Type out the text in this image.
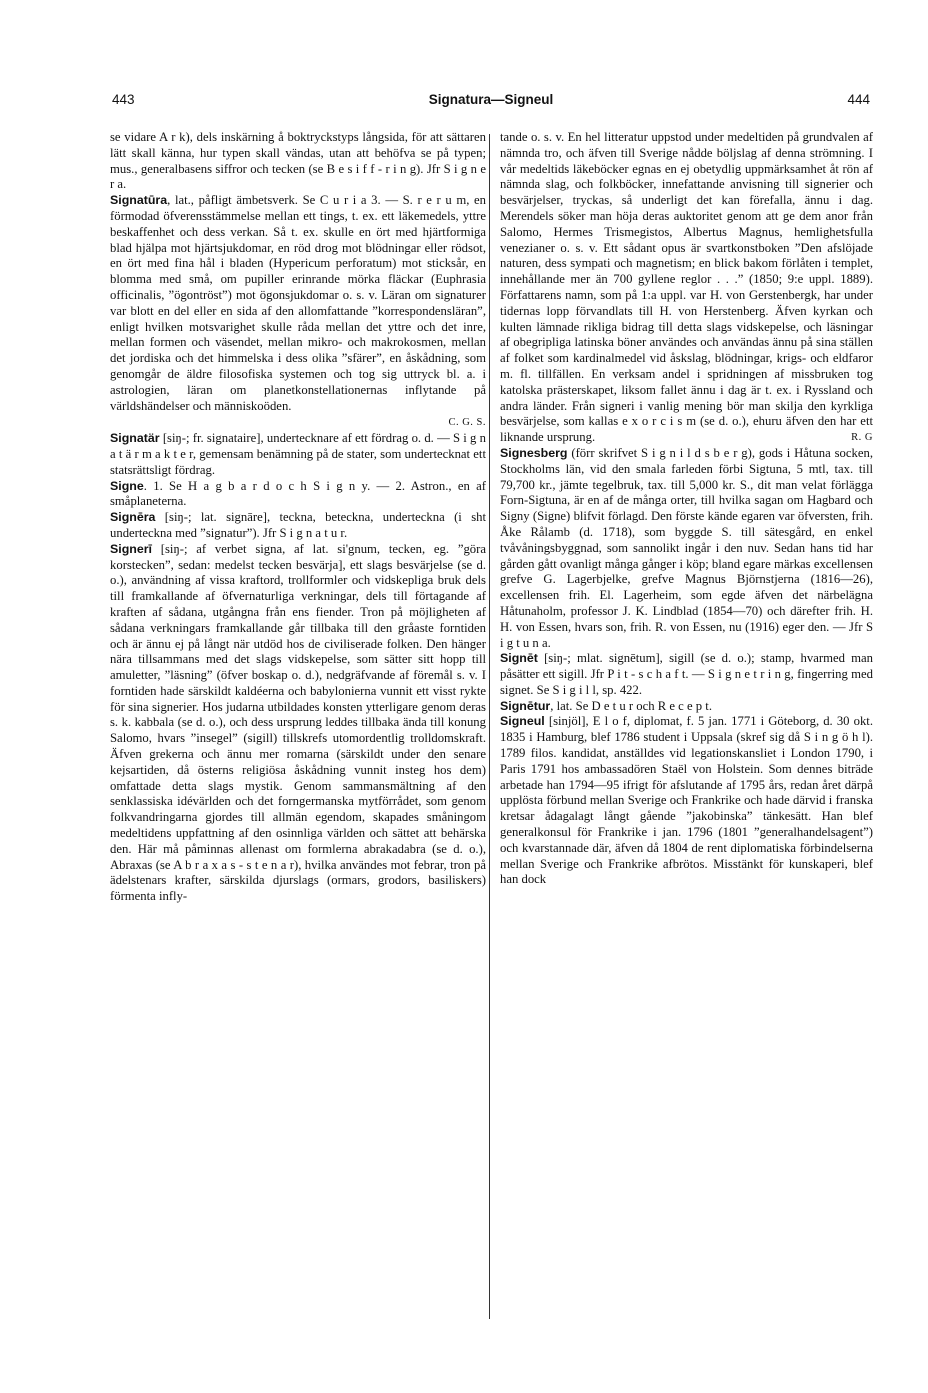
443	Signatura—Signeul	444

se vidare A r k), dels inskärning å boktryckstyps långsida, för att sättaren lätt skall känna, hur typen skall vändas, utan att behöfva se på typen; mus., generalbasens siffror och tecken (se B e s i f f - r i n g). Jfr S i g n e r a.

Signatūra, lat., påfligt ämbetsverk. Se C u r i a 3. — S. r e r u m, en förmodad öfverensstämmelse mellan ett tings, t. ex. ett läkemedels, yttre beskaffenhet och dess verkan. Så t. ex. skulle en ört med hjärtformiga blad hjälpa mot hjärtsjukdomar, en röd drog mot blödningar eller rödsot, en ört med fina hål i bladen (Hypericum perforatum) mot sticksår, en blomma med små, om pupiller erinrande mörka fläckar (Euphrasia officinalis, ”ögontröst”) mot ögonsjukdomar o. s. v. Läran om signaturer var blott en del eller en sida af den allomfattande ”korrespondensläran”, enligt hvilken motsvarighet skulle råda mellan det yttre och det inre, mellan formen och väsendet, mellan mikro- och makrokosmen, mellan det jordiska och det himmelska i dess olika ”sfärer”, en åskådning, som genomgår de äldre filosofiska systemen och tog sig uttryck bl. a. i astrologien, läran om planetkonstellationernas inflytande på världshändelser och människoöden.

C. G. S.

Signatär [siŋ-; fr. signataire], undertecknare af ett fördrag o. d. — S i g n a t ä r m a k t e r, gemensam benämning på de stater, som undertecknat ett statsrättsligt fördrag.

Signe. 1. Se H a g b a r d o c h S i g n y. — 2. Astron., en af småplaneterna.

Signēra [siŋ-; lat. signāre], teckna, beteckna, underteckna (i sht underteckna med ”signatur”). Jfr S i g n a t u r.

Signerī [siŋ-; af verbet signa, af lat. si'gnum, tecken, eg. ”göra korstecken”, sedan: medelst tecken besvärja], ett slags besvärjelse (se d. o.), användning af vissa kraftord, trollformler och vidskepliga bruk dels till framkallande af öfvernaturliga verkningar, dels till förtagande af kraften af sådana, utgångna från ens fiender. Tron på möjligheten af sådana verkningars framkallande går tillbaka till den gråaste forntiden och är ännu ej på långt när utdöd hos de civiliserade folken. Den hänger nära tillsammans med det slags vidskepelse, som sätter sitt hopp till amuletter, ”läsning” (öfver boskap o. d.), nedgräfvande af föremål s. v. I forntiden hade särskildt kaldéerna och babylonierna vunnit ett visst rykte för sina signerier. Hos judarna utbildades konsten ytterligare genom deras s. k. kabbala (se d. o.), och dess ursprung leddes tillbaka ända till konung Salomo, hvars ”insegel” (sigill) tillskrefs utomordentlig trolldomskraft. Äfven grekerna och ännu mer romarna (särskildt under den senare kejsartiden, då österns religiösa åskådning vunnit insteg hos dem) omfattade detta slags mystik. Genom sammansmältning af den senklassiska idévärlden och det forngermanska mytförrådet, som genom folkvandringarna gjordes till allmän egendom, skapades småningom medeltidens uppfattning af den osinnliga världen och sättet att behärska den. Här må påminnas allenast om formlerna abrakadabra (se d. o.), Abraxas (se A b r a x a s - s t e n a r), hvilka användes mot febrar, tron på ädelstenars krafter, särskilda djurslags (ormars, grodors, basiliskers) förmenta infly-

tande o. s. v. En hel litteratur uppstod under medeltiden på grundvalen af nämnda tro, och äfven till Sverige nådde böljslag af denna strömning. I vår medeltids läkeböcker egnas en ej obetydlig uppmärksamhet åt rön af nämnda slag, och folkböcker, innefattande anvisning till signerier och besvärjelser, tryckas, så underligt det kan förefalla, ännu i dag. Merendels söker man höja deras auktoritet genom att ge dem anor från Salomo, Hermes Trismegistos, Albertus Magnus, hemlighetsfulla venezianer o. s. v. Ett sådant opus är svartkonstboken ”Den afslöjade naturen, dess sympati och magnetism; en blick bakom förlåten i templet, innehållande mer än 700 gyllene reglor . . .” (1850; 9:e uppl. 1889). Författarens namn, som på 1:a uppl. var H. von Gerstenbergk, har under tidernas lopp förvandlats till H. von Herstenberg. Äfven kyrkan och kulten lämnade rikliga bidrag till detta slags vidskepelse, och läsningar af obegripliga latinska böner användes och användas ännu på sina ställen af folket som kardinalmedel vid åskslag, blödningar, krigs- och eldfaror m. fl. tillfällen. En verksam andel i spridningen af missbruken tog katolska prästerskapet, liksom fallet ännu i dag är t. ex. i Ryssland och andra länder. Från signeri i vanlig mening bör man skilja den kyrkliga besvärjelse, som kallas e x o r c i s m (se d. o.), ehuru äfven den har ett liknande ursprung.	R. G

Signesberg (förr skrifvet S i g n i l d s b e r g), gods i Håtuna socken, Stockholms län, vid den smala farleden förbi Sigtuna, 5 mtl, tax. till 79,700 kr., jämte tegelbruk, tax. till 5,000 kr. S., dit man velat förlägga Forn-Sigtuna, är en af de många orter, till hvilka sagan om Hagbard och Signy (Signe) blifvit förlagd. Den förste kände egaren var öfversten, frih. Åke Rålamb (d. 1718), som byggde S. till sätesgård, en enkel tvåvåningsbyggnad, som sannolikt ingår i den nuv. Sedan hans tid har gården gått ovanligt många gånger i köp; bland egare märkas excellensen grefve G. Lagerbjelke, grefve Magnus Björnstjerna (1816—26), excellensen frih. El. Lagerheim, som egde äfven det närbelägna Håtunaholm, professor J. K. Lindblad (1854—70) och därefter frih. H. H. von Essen, hvars son, frih. R. von Essen, nu (1916) eger den. — Jfr S i g t u n a.

Signēt [siŋ-; mlat. signētum], sigill (se d. o.); stamp, hvarmed man påsätter ett sigill. Jfr P i t - s c h a f t. — S i g n e t r i n g, fingerring med signet. Se S i g i l l, sp. 422.

Signētur, lat. Se D e t u r och R e c e p t.

Signeul [sinjöl], E l o f, diplomat, f. 5 jan. 1771 i Göteborg, d. 30 okt. 1835 i Hamburg, blef 1786 student i Uppsala (skref sig då S i n g ö h l). 1789 filos. kandidat, anställdes vid legationskansliet i London 1790, i Paris 1791 hos ambassadören Staël von Holstein. Som dennes biträde arbetade han 1794—95 ifrigt för afslutande af 1795 års, redan året därpå upplösta förbund mellan Sverige och Frankrike och hade därvid i franska kretsar ådagalagt långt gående ”jakobinska” tänkesätt. Han blef generalkonsul för Frankrike i jan. 1796 (1801 ”generalhandelsagent”) och kvarstannade där, äfven då 1804 de rent diplomatiska förbindelserna mellan Sverige och Frankrike afbrötos. Misstänkt för kunskaperi, blef han dock
